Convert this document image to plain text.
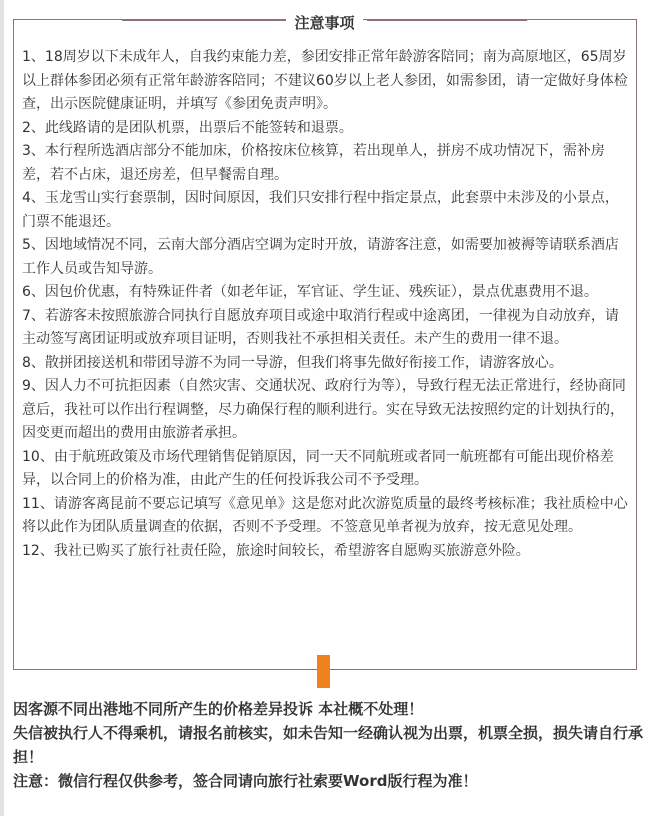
注意事项
1、18周岁以下未成年人，自我约束能力差，参团安排正常年龄游客陪同；南为高原地区，65周岁以上群体参团必须有正常年龄游客陪同；不建议60岁以上老人参团，如需参团，请一定做好身体检查，出示医院健康证明，并填写《参团免责声明》。
2、此线路请的是团队机票，出票后不能签转和退票。
3、本行程所选酒店部分不能加床，价格按床位核算，若出现单人，拼房不成功情况下，需补房差，若不占床，退还房差，但早餐需自理。
4、玉龙雪山实行套票制，因时间原因，我们只安排行程中指定景点，此套票中未涉及的小景点，门票不能退还。
5、因地域情况不同，云南大部分酒店空调为定时开放，请游客注意，如需要加被褥等请联系酒店工作人员或告知导游。
6、因包价优惠，有特殊证件者（如老年证，军官证、学生证、残疾证），景点优惠费用不退。
7、若游客未按照旅游合同执行自愿放弃项目或途中取消行程或中途离团，一律视为自动放弃，请主动签写离团证明或放弃项目证明，否则我社不承担相关责任。未产生的费用一律不退。
8、散拼团接送机和带团导游不为同一导游，但我们将事先做好衔接工作，请游客放心。
9、因人力不可抗拒因素（自然灾害、交通状况、政府行为等），导致行程无法正常进行，经协商同意后，我社可以作出行程调整，尽力确保行程的顺利进行。实在导致无法按照约定的计划执行的，因变更而超出的费用由旅游者承担。
10、由于航班政策及市场代理销售促销原因，同一天不同航班或者同一航班都有可能出现价格差异，以合同上的价格为准，由此产生的任何投诉我公司不予受理。
11、请游客离昆前不要忘记填写《意见单》这是您对此次游览质量的最终考核标准；我社质检中心将以此作为团队质量调查的依据，否则不予受理。不签意见单者视为放弃，按无意见处理。
12、我社已购买了旅行社责任险，旅途时间较长，希望游客自愿购买旅游意外险。

因客源不同出港地不同所产生的价格差异投诉 本社概不处理！

失信被执行人不得乘机，请报名前核实，如未告知一经确认视为出票，机票全损，损失请自行承担！

注意：微信行程仅供参考，签合同请向旅行社索要Word版行程为准！
